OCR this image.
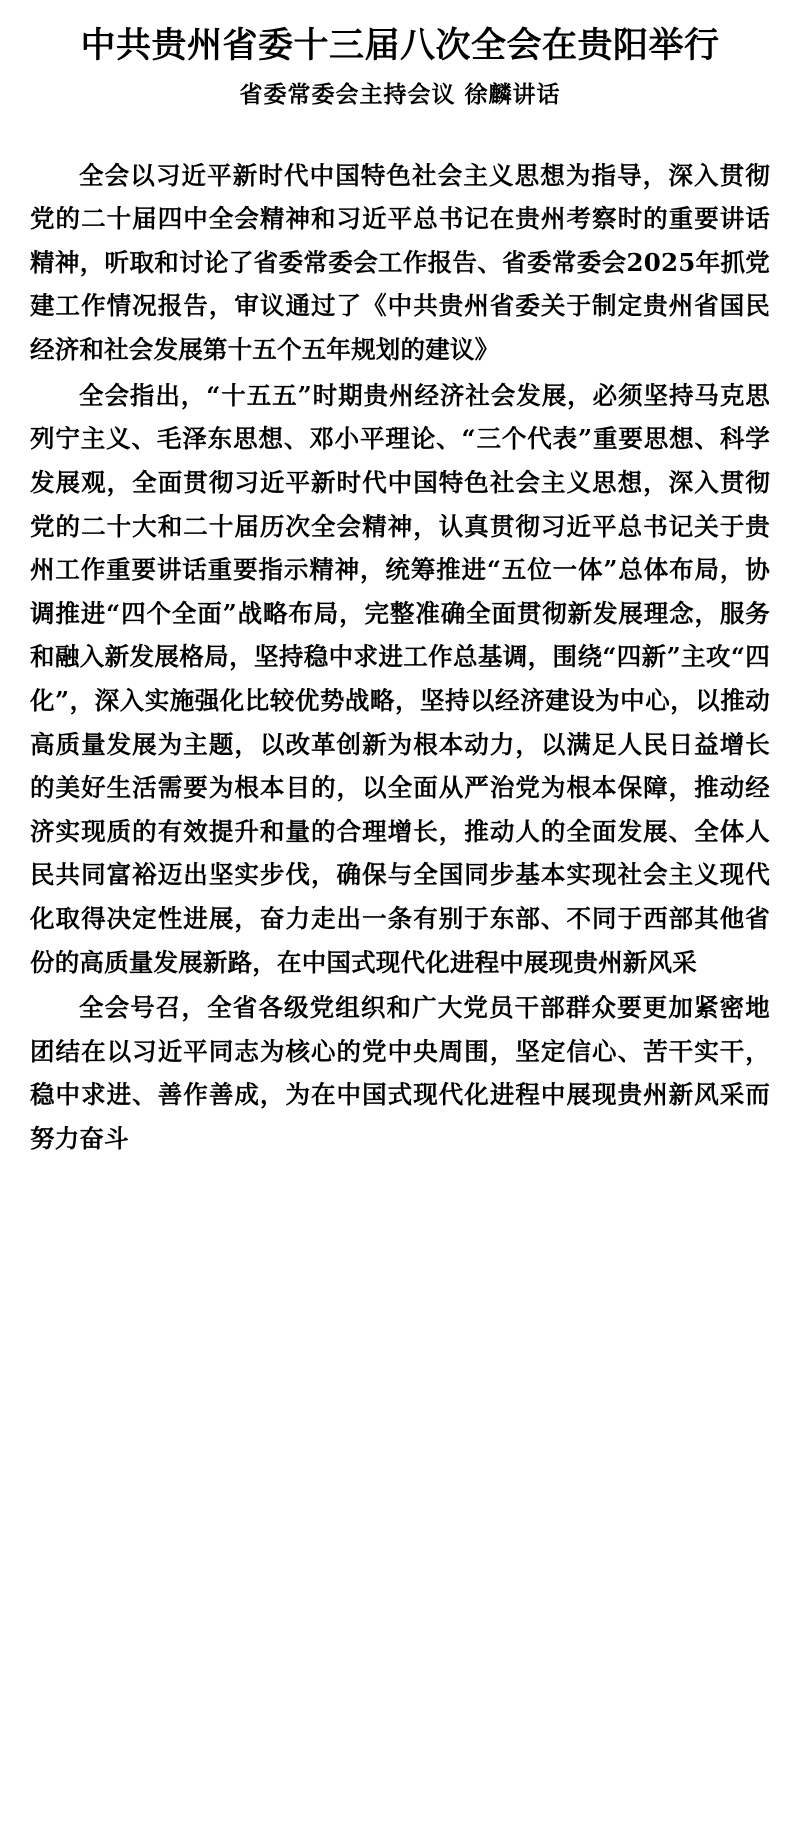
中共贵州省委十三届八次全会在贵阳举行
省委常委会主持会议 徐麟讲话

全会以习近平新时代中国特色社会主义思想为指导，深入贯彻党的二十届四中全会精神和习近平总书记在贵州考察时的重要讲话精神，听取和讨论了省委常委会工作报告、省委常委会2025年抓党建工作情况报告，审议通过了《中共贵州省委关于制定贵州省国民经济和社会发展第十五个五年规划的建议》

全会指出，“十五五”时期贵州经济社会发展，必须坚持马克思列宁主义、毛泽东思想、邓小平理论、“三个代表”重要思想、科学发展观，全面贯彻习近平新时代中国特色社会主义思想，深入贯彻党的二十大和二十届历次全会精神，认真贯彻习近平总书记关于贵州工作重要讲话重要指示精神，统筹推进“五位一体”总体布局，协调推进“四个全面”战略布局，完整准确全面贯彻新发展理念，服务和融入新发展格局，坚持稳中求进工作总基调，围绕“四新”主攻“四化”，深入实施强化比较优势战略，坚持以经济建设为中心，以推动高质量发展为主题，以改革创新为根本动力，以满足人民日益增长的美好生活需要为根本目的，以全面从严治党为根本保障，推动经济实现质的有效提升和量的合理增长，推动人的全面发展、全体人民共同富裕迈出坚实步伐，确保与全国同步基本实现社会主义现代化取得决定性进展，奋力走出一条有别于东部、不同于西部其他省份的高质量发展新路，在中国式现代化进程中展现贵州新风采

全会号召，全省各级党组织和广大党员干部群众要更加紧密地团结在以习近平同志为核心的党中央周围，坚定信心、苦干实干，稳中求进、善作善成，为在中国式现代化进程中展现贵州新风采而努力奋斗
